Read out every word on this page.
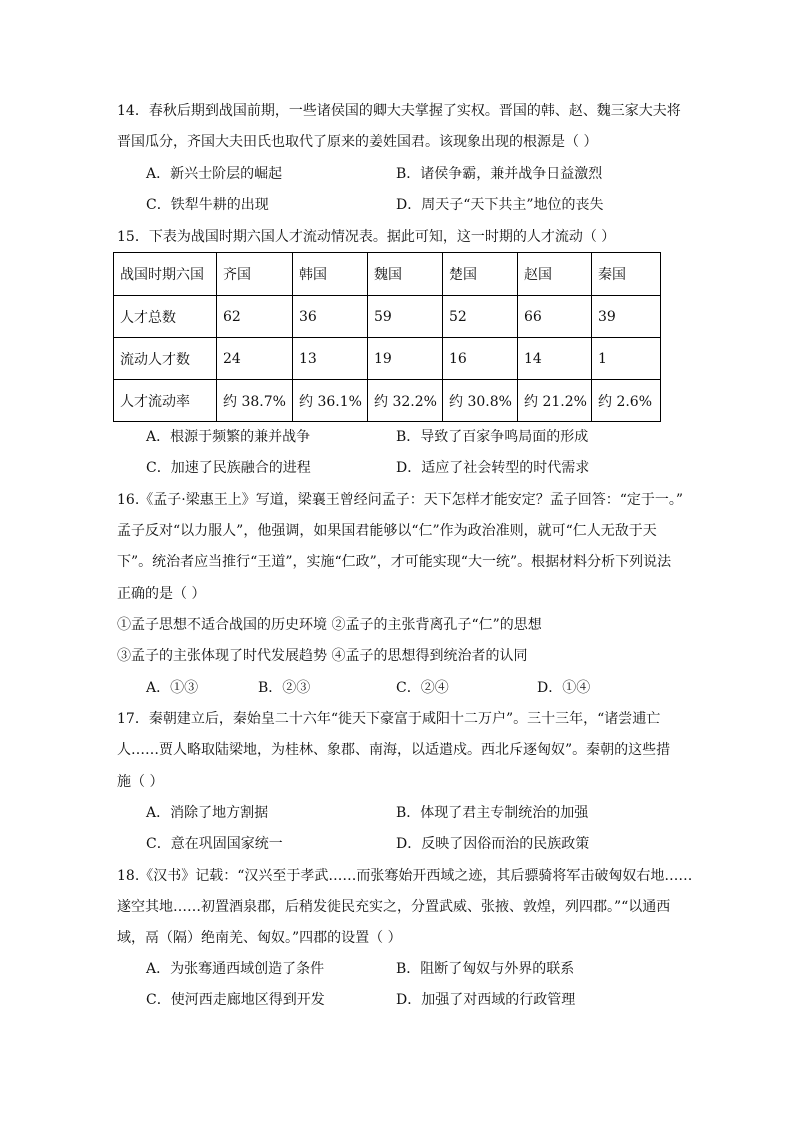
14．春秋后期到战国前期，一些诸侯国的卿大夫掌握了实权。晋国的韩、赵、魏三家大夫将
晋国瓜分，齐国大夫田氏也取代了原来的姜姓国君。该现象出现的根源是（ ）
A．新兴士阶层的崛起	B．诸侯争霸，兼并战争日益激烈
C．铁犁牛耕的出现	D．周天子“天下共主”地位的丧失
15．下表为战国时期六国人才流动情况表。据此可知，这一时期的人才流动（ ）
战国时期六国	齐国	韩国	魏国	楚国	赵国	秦国
人才总数	62	36	59	52	66	39
流动人才数	24	13	19	16	14	1
人才流动率	约 38.7%	约 36.1%	约 32.2%	约 30.8%	约 21.2%	约 2.6%
A．根源于频繁的兼并战争	B．导致了百家争鸣局面的形成
C．加速了民族融合的进程	D．适应了社会转型的时代需求
16.《孟子·梁惠王上》写道，梁襄王曾经问孟子：天下怎样才能安定？孟子回答：“定于一。”
孟子反对“以力服人”，他强调，如果国君能够以“仁”作为政治准则，就可“仁人无敌于天
下”。统治者应当推行“王道”，实施“仁政”，才可能实现“大一统”。根据材料分析下列说法
正确的是（ ）
①孟子思想不适合战国的历史环境 ②孟子的主张背离孔子“仁”的思想
③孟子的主张体现了时代发展趋势 ④孟子的思想得到统治者的认同
A．①③	B．②③	C．②④	D．①④
17．秦朝建立后，秦始皇二十六年“徙天下豪富于咸阳十二万户”。三十三年，“诸尝逋亡
人……贾人略取陆梁地，为桂林、象郡、南海，以适遣戍。西北斥逐匈奴”。秦朝的这些措
施（ ）
A．消除了地方割据	B．体现了君主专制统治的加强
C．意在巩固国家统一	D．反映了因俗而治的民族政策
18.《汉书》记载：“汉兴至于孝武……而张骞始开西域之迹，其后骠骑将军击破匈奴右地……
遂空其地……初置酒泉郡，后稍发徙民充实之，分置武威、张掖、敦煌，列四郡。”“以通西
域，鬲（隔）绝南羌、匈奴。”四郡的设置（ ）
A．为张骞通西域创造了条件	B．阻断了匈奴与外界的联系
C．使河西走廊地区得到开发	D．加强了对西域的行政管理
